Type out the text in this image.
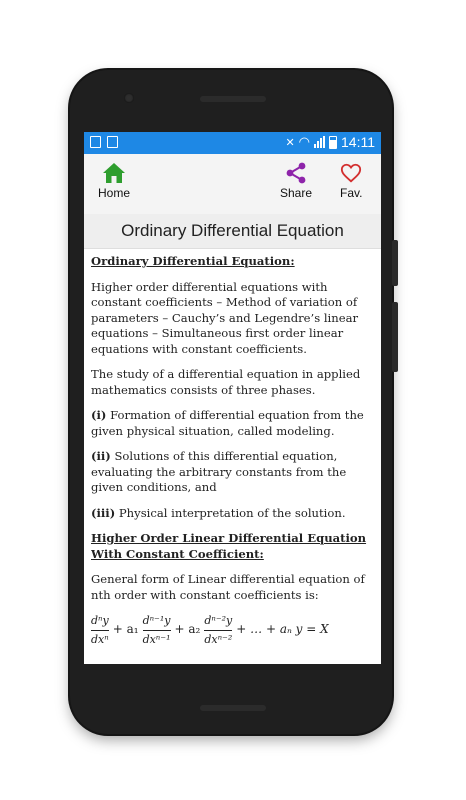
✕ ◠ 14:11
Home	Share Fav.
Ordinary Differential Equation
Ordinary Differential Equation:

Higher order differential equations with constant coefficients – Method of variation of parameters – Cauchy’s and Legendre’s linear equations – Simultaneous first order linear equations with constant coefficients.

The study of a differential equation in applied mathematics consists of three phases.

(i) Formation of differential equation from the given physical situation, called modeling.

(ii) Solutions of this differential equation, evaluating the arbitrary constants from the given conditions, and

(iii) Physical interpretation of the solution.

Higher Order Linear Differential Equation With Constant Coefficient:

General form of Linear differential equation of nth order with constant coefficients is:

$\frac{\text{dⁿy}}{\text{dxⁿ}} + a_1 \frac{\text{dⁿ⁻¹y}}{\text{dxⁿ⁻¹}} + a_2 \frac{\text{dⁿ⁻²y}}{\text{dxⁿ⁻²}}$ + … + aₙ y = X
